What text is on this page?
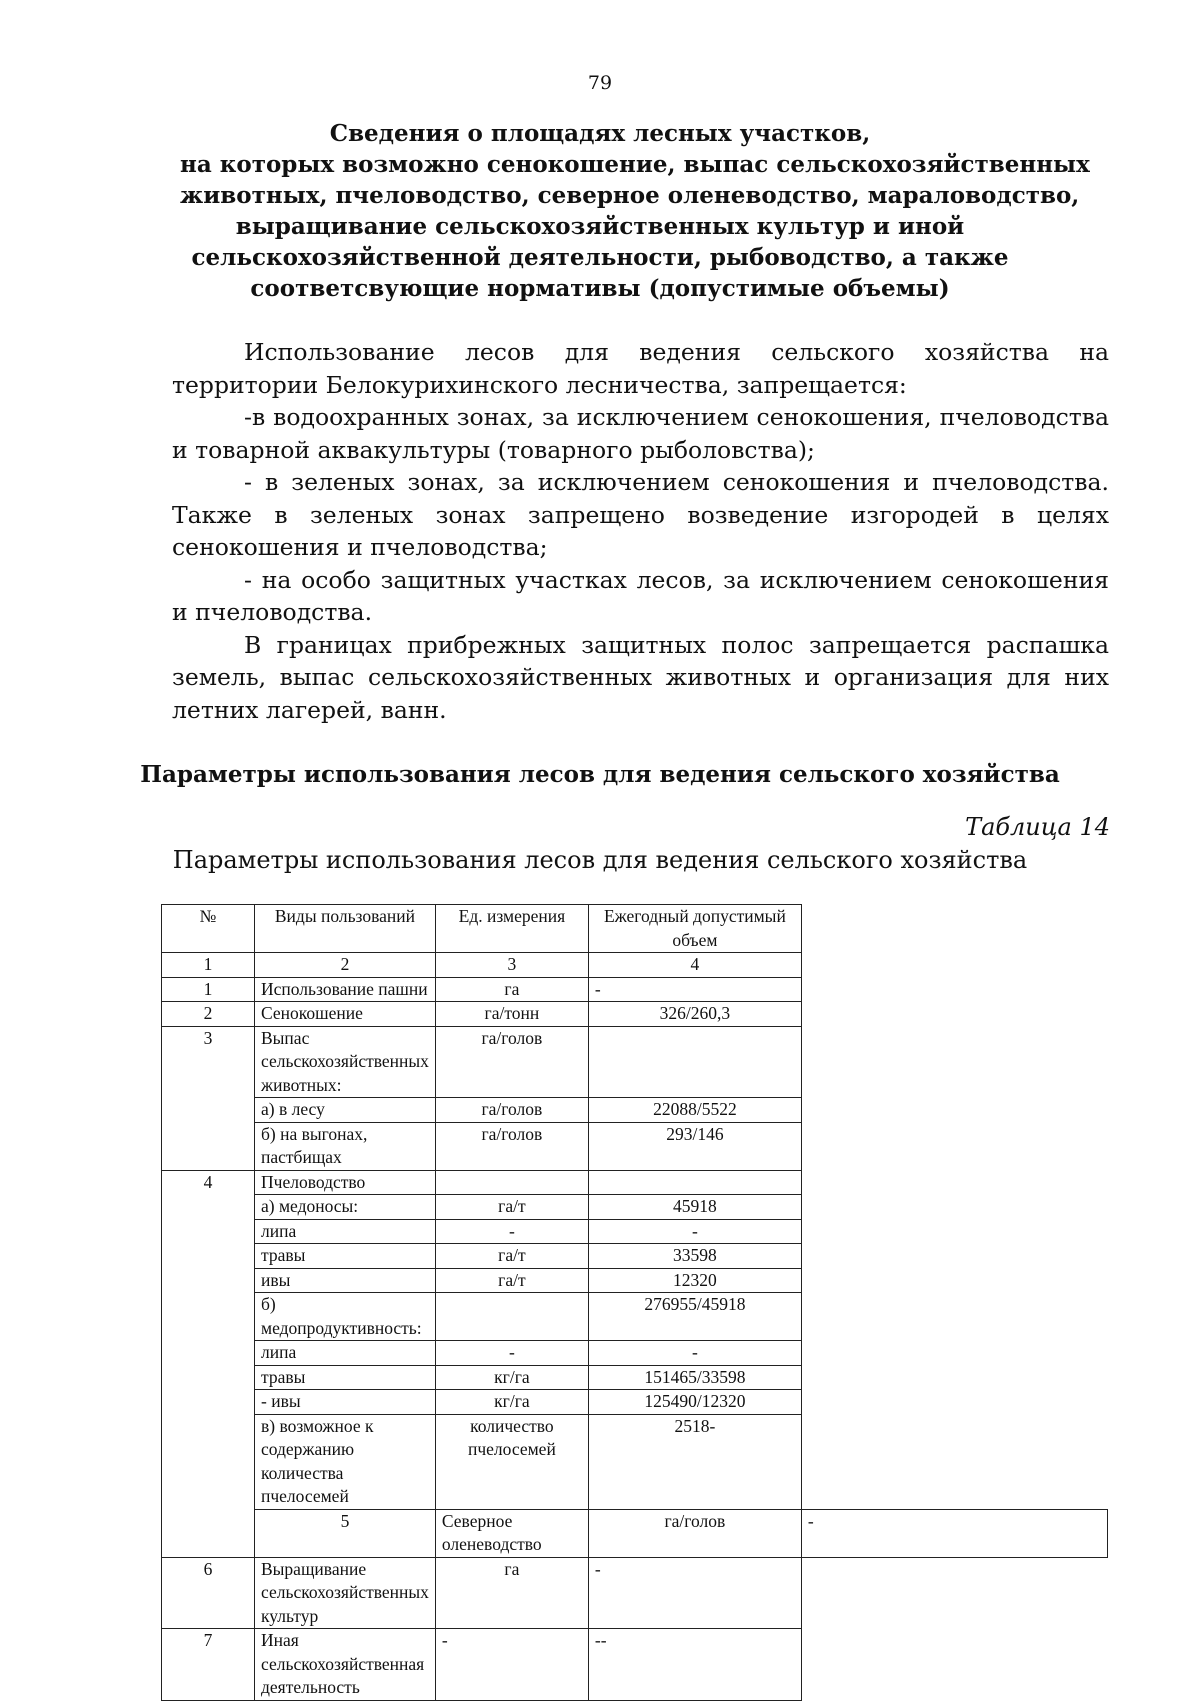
79
Сведения о площадях лесных участков,
на которых возможно сенокошение, выпас сельскохозяйственных
животных, пчеловодство, северное оленеводство, мараловодство,
выращивание сельскохозяйственных культур и иной
сельскохозяйственной деятельности, рыбоводство, а также
соответсвующие нормативы (допустимые объемы)

Использование лесов для ведения сельского хозяйства на территории Белокурихинского лесничества, запрещается:

-в водоохранных зонах, за исключением сенокошения, пчеловодства и товарной аквакультуры (товарного рыболовства);

- в зеленых зонах, за исключением сенокошения и пчеловодства. Также в зеленых зонах запрещено возведение изгородей в целях сенокошения и пчеловодства;

- на особо защитных участках лесов, за исключением сенокошения и пчеловодства.

В границах прибрежных защитных полос запрещается распашка земель, выпас сельскохозяйственных животных и организация для них летних лагерей, ванн.

Параметры использования лесов для ведения сельского хозяйства
Таблица 14
Параметры использования лесов для ведения сельского хозяйства
№	Виды пользований	Ед. измерения	Ежегодный допустимый объем	
1	2	3	4	
1	Использование пашни	га	-	
2	Сенокошение	га/тонн	326/260,3	
3	Выпас сельскохозяйственных животных:	га/голов		
	а) в лесу	га/голов	22088/5522	
	б) на выгонах, пастбищах	га/голов	293/146	
4	Пчеловодство			
	а) медоносы:	га/т	45918	
	липа	-	-	
	травы	га/т	33598	
	ивы	га/т	12320	
	б) медопродуктивность:		276955/45918	
	липа	-	-	
	травы	кг/га	151465/33598	
	- ивы	кг/га	125490/12320	
	в) возможное к содержанию количества пчелосемей	количество пчелосемей	2518-	
	5	Северное оленеводство	га/голов	-
6	Выращивание сельскохозяйственных культур	га	-	
7	Иная сельскохозяйственная деятельность	-	--	
